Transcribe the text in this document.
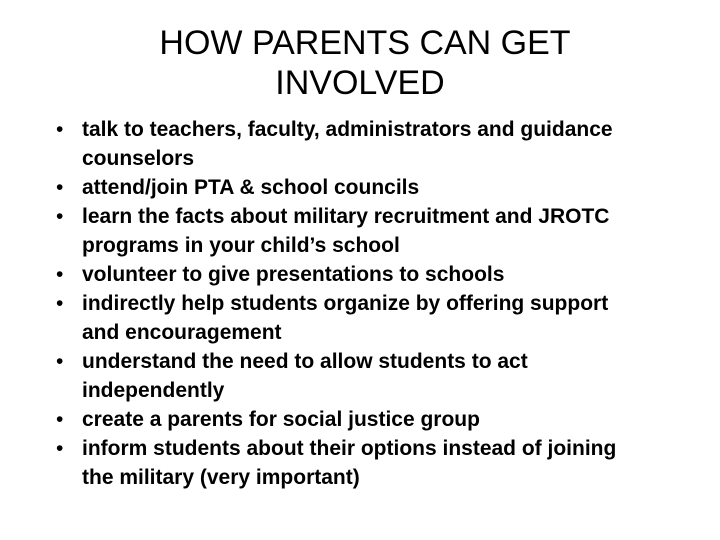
HOW PARENTS CAN GET
INVOLVED
• talk to teachers, faculty, administrators and guidance counselors
• attend/join PTA & school councils
• learn the facts about military recruitment and JROTC programs in your child’s school
• volunteer to give presentations to schools
• indirectly help students organize by offering support and encouragement
• understand the need to allow students to act independently
• create a parents for social justice group
• inform students about their options instead of joining the military (very important)
